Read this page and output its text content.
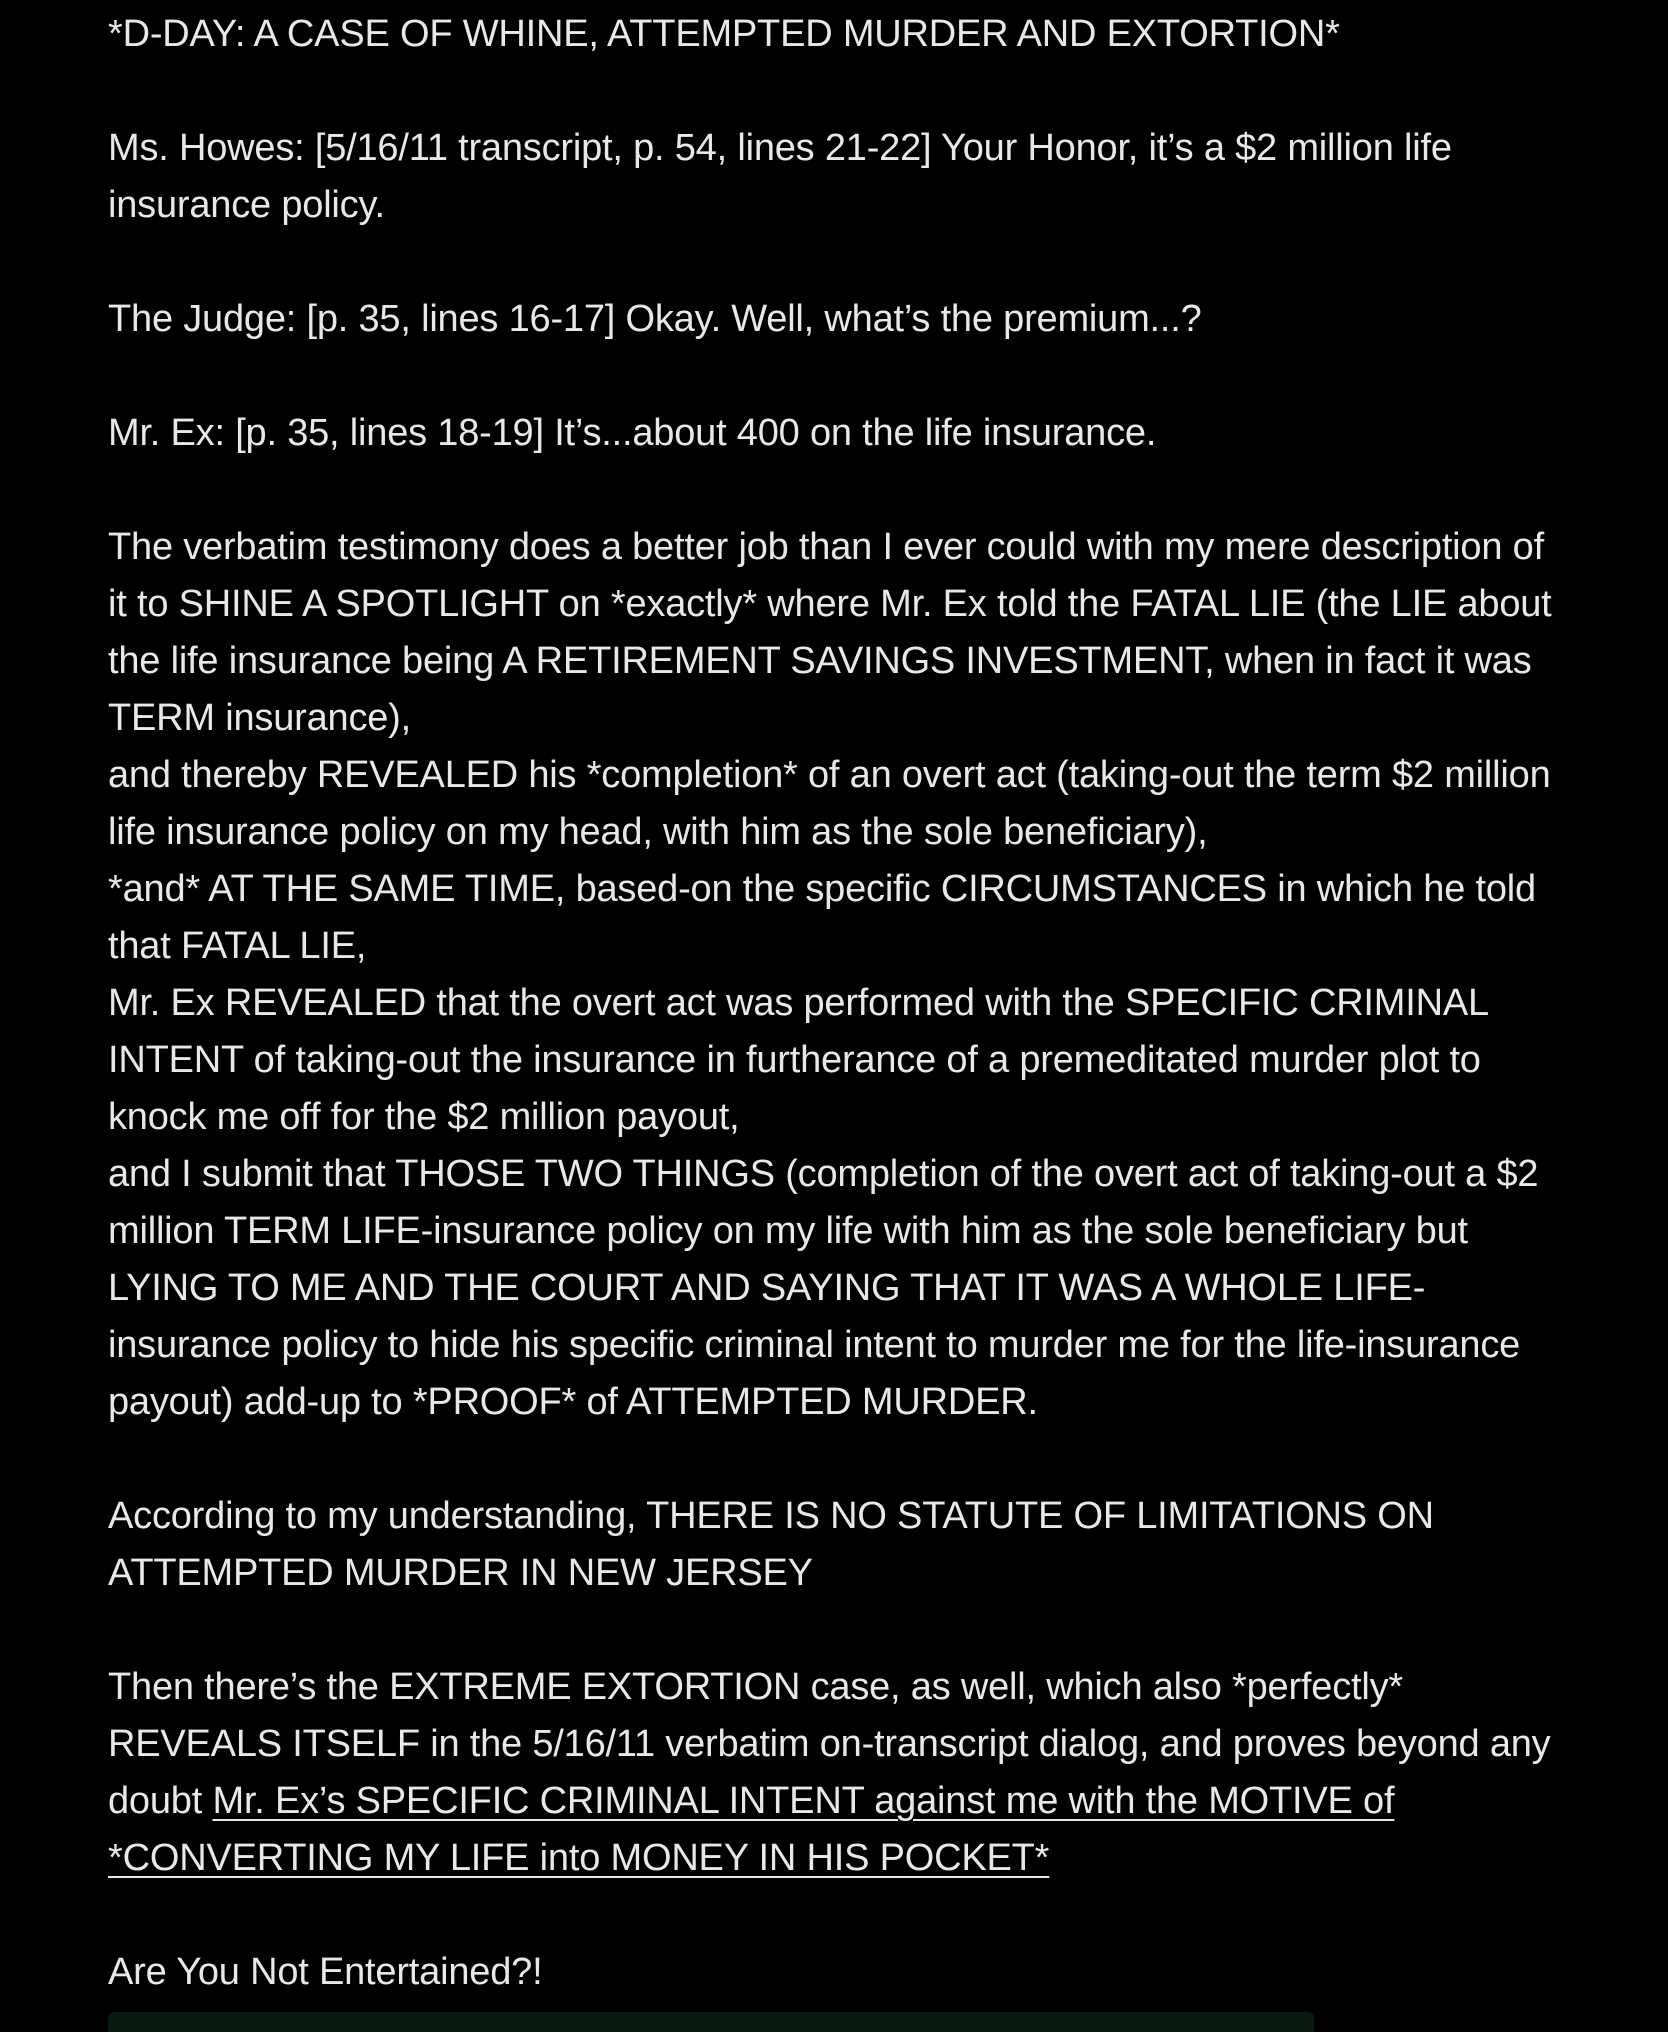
*D-DAY: A CASE OF WHINE, ATTEMPTED MURDER AND EXTORTION*

Ms. Howes: [5/16/11 transcript, p. 54, lines 21-22] Your Honor, it’s a $2 million life insurance policy.

The Judge: [p. 35, lines 16-17] Okay. Well, what’s the premium...?

Mr. Ex: [p. 35, lines 18-19] It’s...about 400 on the life insurance.

The verbatim testimony does a better job than I ever could with my mere description of it to SHINE A SPOTLIGHT on *exactly* where Mr. Ex told the FATAL LIE (the LIE about the life insurance being A RETIREMENT SAVINGS INVESTMENT, when in fact it was TERM insurance),

and thereby REVEALED his *completion* of an overt act (taking-out the term $2 million life insurance policy on my head, with him as the sole beneficiary),

*and* AT THE SAME TIME, based-on the specific CIRCUMSTANCES in which he told that FATAL LIE,

Mr. Ex REVEALED that the overt act was performed with the SPECIFIC CRIMINAL INTENT of taking-out the insurance in furtherance of a premeditated murder plot to knock me off for the $2 million payout,

and I submit that THOSE TWO THINGS (completion of the overt act of taking-out a $2 million TERM LIFE-insurance policy on my life with him as the sole beneficiary but LYING TO ME AND THE COURT AND SAYING THAT IT WAS A WHOLE LIFE-insurance policy to hide his specific criminal intent to murder me for the life-insurance payout) add-up to *PROOF* of ATTEMPTED MURDER.

According to my understanding, THERE IS NO STATUTE OF LIMITATIONS ON ATTEMPTED MURDER IN NEW JERSEY

Then there’s the EXTREME EXTORTION case, as well, which also *perfectly* REVEALS ITSELF in the 5/16/11 verbatim on-transcript dialog, and proves beyond any doubt Mr. Ex’s SPECIFIC CRIMINAL INTENT against me with the MOTIVE of *CONVERTING MY LIFE into MONEY IN HIS POCKET*

Are You Not Entertained?!
